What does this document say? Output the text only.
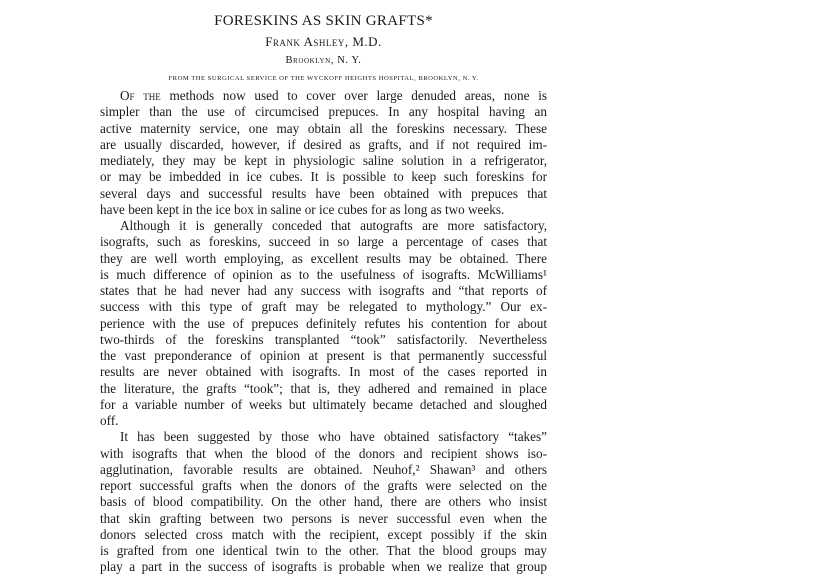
FORESKINS AS SKIN GRAFTS*
Frank Ashley, M.D.
Brooklyn, N. Y.
FROM THE SURGICAL SERVICE OF THE WYCKOFF HEIGHTS HOSPITAL, BROOKLYN, N. Y.
Of the methods now used to cover over large denuded areas, none is
simpler than the use of circumcised prepuces. In any hospital having an
active maternity service, one may obtain all the foreskins necessary. These
are usually discarded, however, if desired as grafts, and if not required im-
mediately, they may be kept in physiologic saline solution in a refrigerator,
or may be imbedded in ice cubes. It is possible to keep such foreskins for
several days and successful results have been obtained with prepuces that
have been kept in the ice box in saline or ice cubes for as long as two weeks.
Although it is generally conceded that autografts are more satisfactory,
isografts, such as foreskins, succeed in so large a percentage of cases that
they are well worth employing, as excellent results may be obtained. There
is much difference of opinion as to the usefulness of isografts. McWilliams¹
states that he had never had any success with isografts and “that reports of
success with this type of graft may be relegated to mythology.” Our ex-
perience with the use of prepuces definitely refutes his contention for about
two-thirds of the foreskins transplanted “took” satisfactorily. Nevertheless
the vast preponderance of opinion at present is that permanently successful
results are never obtained with isografts. In most of the cases reported in
the literature, the grafts “took”; that is, they adhered and remained in place
for a variable number of weeks but ultimately became detached and sloughed
off.
It has been suggested by those who have obtained satisfactory “takes”
with isografts that when the blood of the donors and recipient shows iso-
agglutination, favorable results are obtained. Neuhof,² Shawan³ and others
report successful grafts when the donors of the grafts were selected on the
basis of blood compatibility. On the other hand, there are others who insist
that skin grafting between two persons is never successful even when the
donors selected cross match with the recipient, except possibly if the skin
is grafted from one identical twin to the other. That the blood groups may
play a part in the success of isografts is probable when we realize that group
